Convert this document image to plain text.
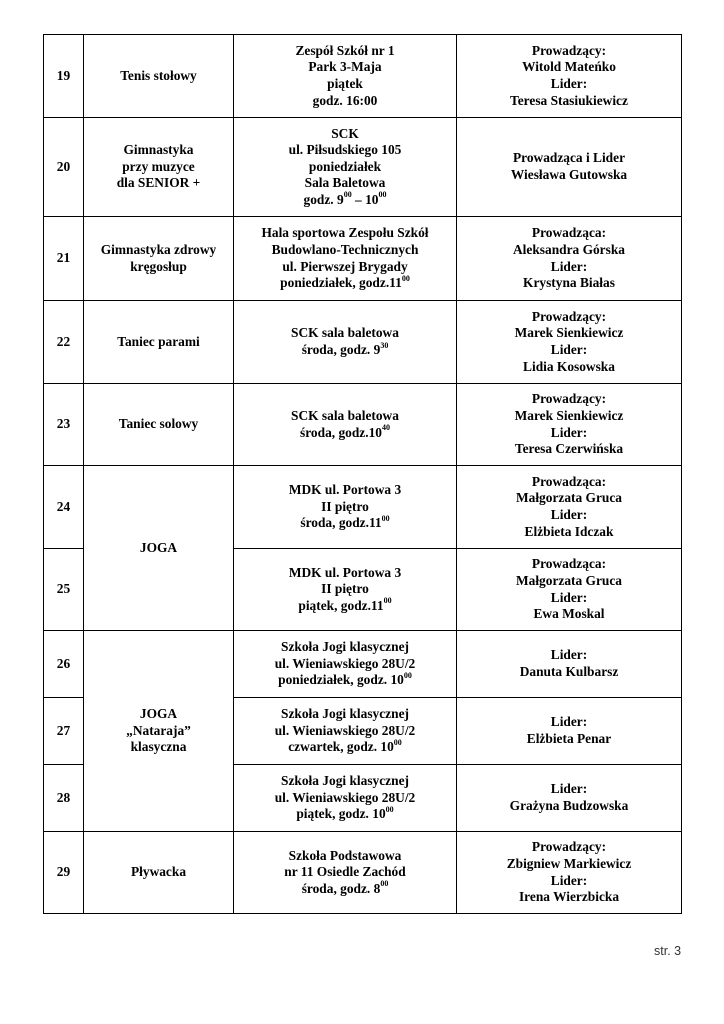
19	Tenis stołowy	Zespół Szkół nr 1
Park 3-Maja
piątek
godz. 16:00	Prowadzący:
Witold Mateńko
Lider:
Teresa Stasiukiewicz

20	Gimnastyka
przy muzyce
dla SENIOR +	SCK
ul. Piłsudskiego 105
poniedziałek
Sala Baletowa
godz. $9^{00} - 10^{00}$	Prowadząca i Lider
Wiesława Gutowska

21	Gimnastyka zdrowy
kręgosłup	Hala sportowa Zespołu Szkół
Budowlano-Technicznych
ul. Pierwszej Brygady
poniedziałek, $godz.11^{00}$	Prowadząca:
Aleksandra Górska
Lider:
Krystyna Białas

22	Taniec parami	SCK sala baletowa
środa, godz. $9^{30}$	Prowadzący:
Marek Sienkiewicz
Lider:
Lidia Kosowska

23	Taniec solowy	SCK sala baletowa
środa, $godz.10^{40}$	Prowadzący:
Marek Sienkiewicz
Lider:
Teresa Czerwińska

24	JOGA	MDK ul. Portowa 3
II piętro
środa, $godz.11^{00}$	Prowadząca:
Małgorzata Gruca
Lider:
Elżbieta Idczak

25		MDK ul. Portowa 3
II piętro
piątek, $godz.11^{00}$	Prowadząca:
Małgorzata Gruca
Lider:
Ewa Moskal

26	JOGA
„Nataraja”
klasyczna	Szkoła Jogi klasycznej
ul. Wieniawskiego 28U/2
poniedziałek, godz. $10^{00}$	Lider:
Danuta Kulbarsz

27		Szkoła Jogi klasycznej
ul. Wieniawskiego 28U/2
czwartek, godz. $10^{00}$	Lider:
Elżbieta Penar

28		Szkoła Jogi klasycznej
ul. Wieniawskiego 28U/2
piątek, godz. $10^{00}$	Lider:
Grażyna Budzowska

29	Pływacka	Szkoła Podstawowa
nr 11 Osiedle Zachód
środa, godz. $8^{00}$	Prowadzący:
Zbigniew Markiewicz
Lider:
Irena Wierzbicka
str. 3
